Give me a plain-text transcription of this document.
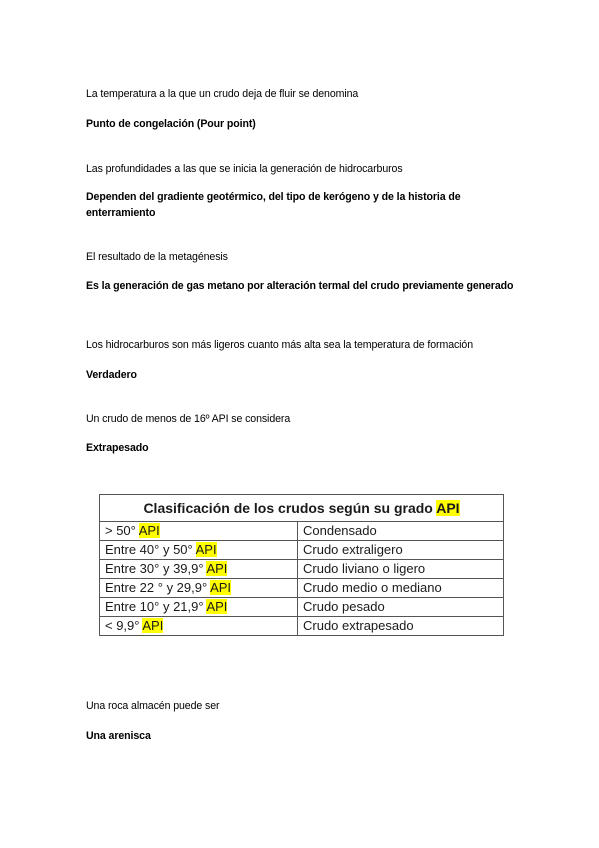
La temperatura a la que un crudo deja de fluir se denomina
Punto de congelación (Pour point)
Las profundidades a las que se inicia la generación de hidrocarburos
Dependen del gradiente geotérmico, del tipo de kerógeno y de la historia de enterramiento
El resultado de la metagénesis
Es la generación de gas metano por alteración termal del crudo previamente generado
Los hidrocarburos son más ligeros cuanto más alta sea la temperatura de formación
Verdadero
Un crudo de menos de 16º API se considera
Extrapesado
Clasificación de los crudos según su grado API	
> 50° API	Condensado
Entre 40° y 50° API	Crudo extraligero
Entre 30° y 39,9° API	Crudo liviano o ligero
Entre 22 ° y 29,9° API	Crudo medio o mediano
Entre 10° y 21,9° API	Crudo pesado
< 9,9° API	Crudo extrapesado
Una roca almacén puede ser
Una arenisca
